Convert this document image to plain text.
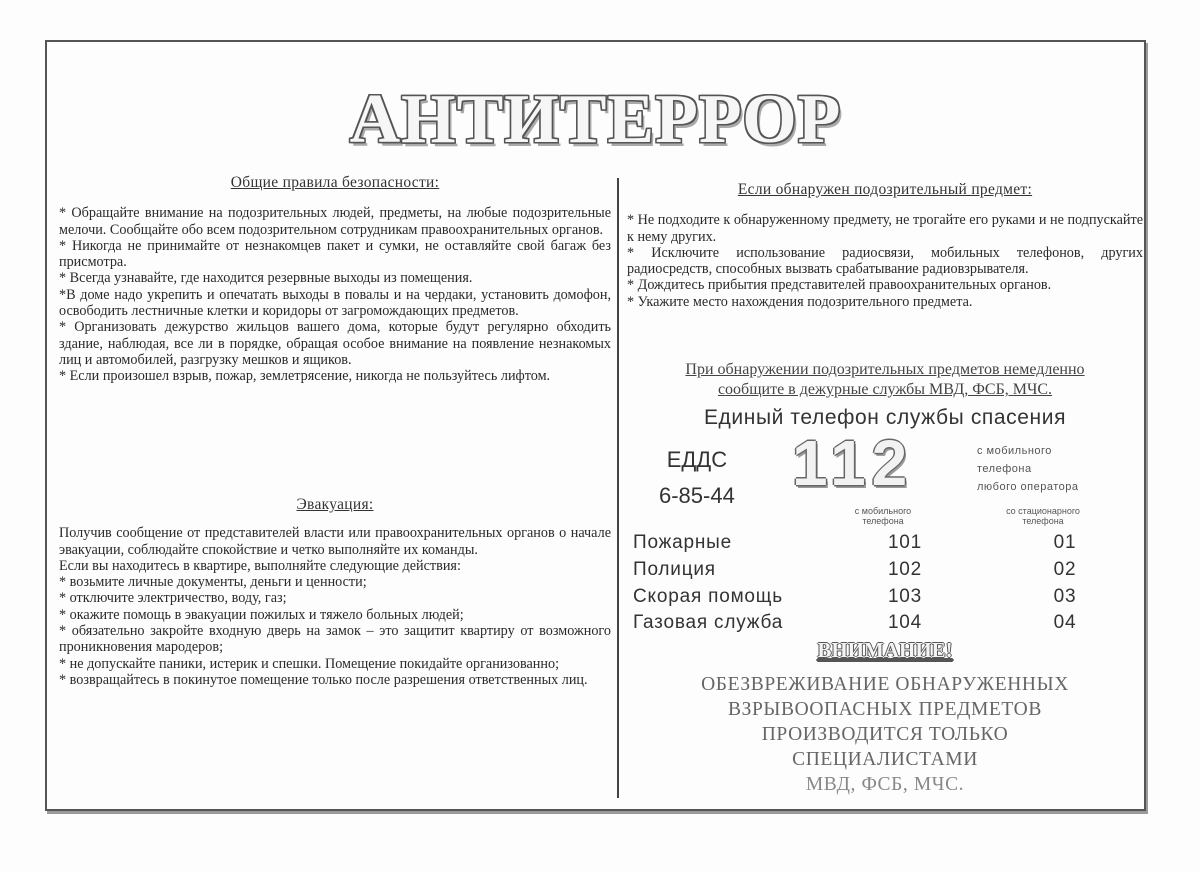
АНТИТЕРРОР

Общие правила безопасности:

* Обращайте внимание на подозрительных людей, предметы, на любые подозрительные мелочи. Сообщайте обо всем подозрительном сотрудникам правоохранительных органов.

* Никогда не принимайте от незнакомцев пакет и сумки, не оставляйте свой багаж без присмотра.

* Всегда узнавайте, где находится резервные выходы из помещения.

*В доме надо укрепить и опечатать выходы в повалы и на чердаки, установить домофон, освободить лестничные клетки и коридоры от загромождающих предметов.

* Организовать дежурство жильцов вашего дома, которые будут регулярно обходить здание, наблюдая, все ли в порядке, обращая особое внимание на появление незнакомых лиц и автомобилей, разгрузку мешков и ящиков.

* Если произошел взрыв, пожар, землетрясение, никогда не пользуйтесь лифтом.

Эвакуация:

Получив сообщение от представителей власти или правоохранительных органов о начале эвакуации, соблюдайте спокойствие и четко выполняйте их команды.

Если вы находитесь в квартире, выполняйте следующие действия:

* возьмите личные документы, деньги и ценности;

* отключите электричество, воду, газ;

* окажите помощь в эвакуации пожилых и тяжело больных людей;

* обязательно закройте входную дверь на замок – это защитит квартиру от возможного проникновения мародеров;

* не допускайте паники, истерик и спешки. Помещение покидайте организованно;

* возвращайтесь в покинутое помещение только после разрешения ответственных лиц.

Если обнаружен подозрительный предмет:

* Не подходите к обнаруженному предмету, не трогайте его руками и не подпускайте к нему других.

* Исключите использование радиосвязи, мобильных телефонов, других радиосредств, способных вызвать срабатывание радиовзрывателя.

* Дождитесь прибытия представителей правоохранительных органов.

* Укажите место нахождения подозрительного предмета.

При обнаружении подозрительных предметов немедленно
сообщите в дежурные службы МВД, ФСБ, МЧС.

Единый телефон службы спасения
ЕДДС
6-85-44 112	с мобильного
телефона
любого оператора
с мобильного
телефона
со стационарного
телефона
Пожарные	101	01
Полиция	102	02
Скорая помощь	103	03
Газовая служба	104	04
ВНИМАНИЕ!
ОБЕЗВРЕЖИВАНИЕ ОБНАРУЖЕННЫХ
ВЗРЫВООПАСНЫХ ПРЕДМЕТОВ
ПРОИЗВОДИТСЯ ТОЛЬКО
СПЕЦИАЛИСТАМИ
МВД, ФСБ, МЧС.
